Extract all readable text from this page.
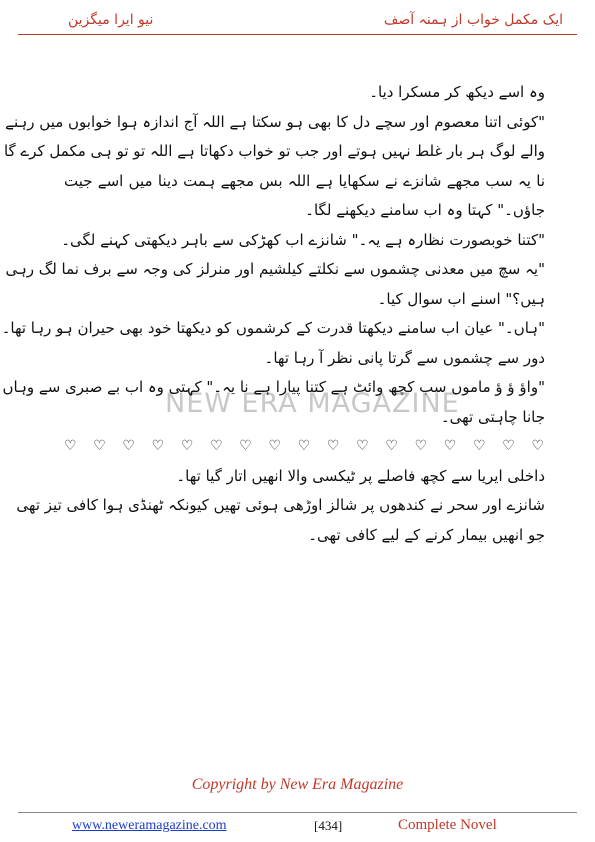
ایک مکمل خواب از ہمنہ آصف
نیو ایرا میگزین
NEW ERA MAGAZINE
وہ اسے دیکھ کر مسکرا دیا۔
"کوئی اتنا معصوم اور سچے دل کا بھی ہو سکتا ہے اللہ آج اندازہ ہوا خوابوں میں رہنے
والے لوگ ہر بار غلط نہیں ہوتے اور جب تو خواب دکھاتا ہے اللہ تو تو ہی مکمل کرے گا
نا یہ سب مجھے شانزے نے سکھایا ہے اللہ بس مجھے ہمت دینا میں اسے جیت
جاؤں۔" کہتا وہ اب سامنے دیکھنے لگا۔
"کتنا خوبصورت نظارہ ہے یہ۔" شانزے اب کھڑکی سے باہر دیکھتی کہنے لگی۔
"یہ سچ میں معدنی چشموں سے نکلتے کیلشیم اور منرلز کی وجہ سے برف نما لگ رہی
ہیں؟" اسنے اب سوال کیا۔
"ہاں۔" عیان اب سامنے دیکھتا قدرت کے کرشموں کو دیکھتا خود بھی حیران ہو رہا تھا۔
دور سے چشموں سے گرتا پانی نظر آ رہا تھا۔
"واؤ ؤ ؤ ماموں سب کچھ وائٹ ہے کتنا پیارا ہے نا یہ۔" کہتی وہ اب بے صبری سے وہاں
جانا چاہتی تھی۔
♡♡♡♡♡♡♡♡♡♡♡♡♡♡♡♡♡
داخلی ایریا سے کچھ فاصلے پر ٹیکسی والا انھیں اتار گیا تھا۔
شانزے اور سحر نے کندھوں پر شالز اوڑھی ہوئی تھیں کیونکہ ٹھنڈی ہوا کافی تیز تھی
جو انھیں بیمار کرنے کے لیے کافی تھی۔
Copyright by New Era Magazine
www.neweramagazine.com	[434]	Complete Novel
